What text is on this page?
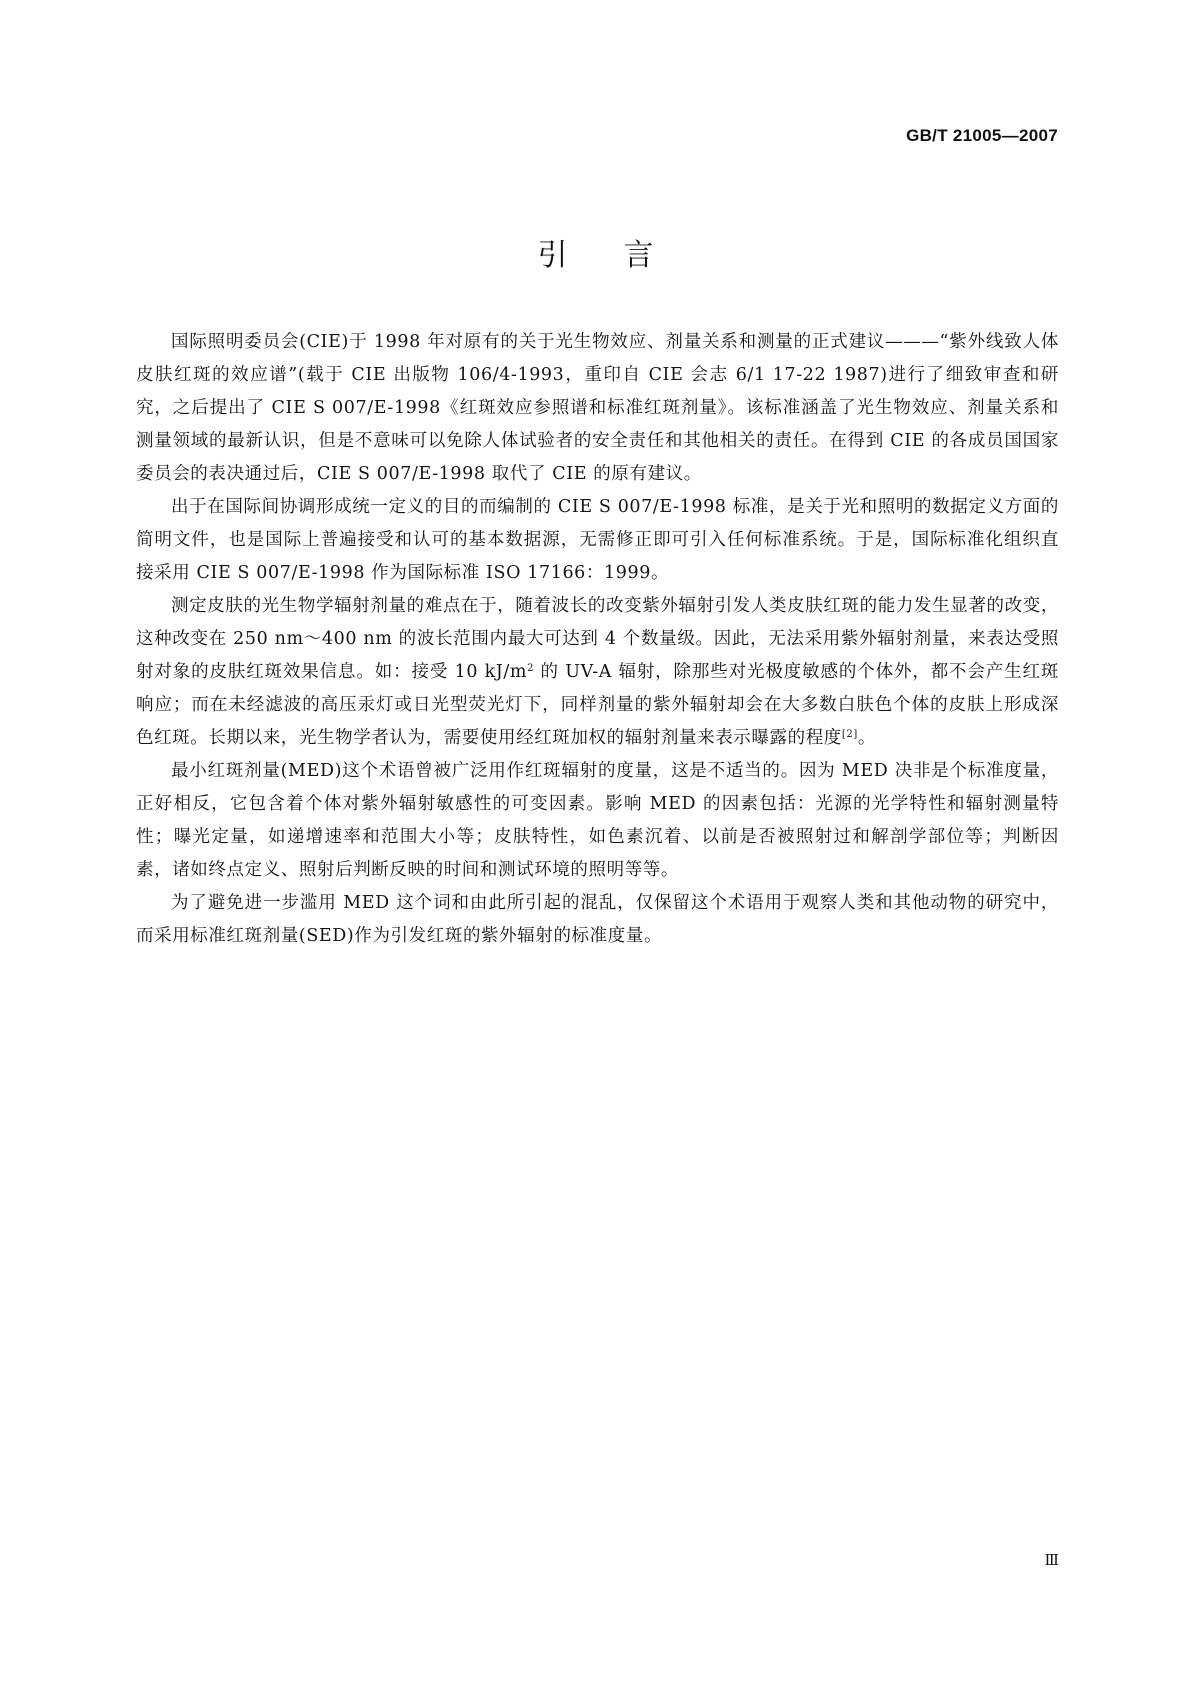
GB/T 21005—2007
引言

国际照明委员会(CIE)于 1998 年对原有的关于光生物效应、剂量关系和测量的正式建议———“紫外线致人体皮肤红斑的效应谱”(载于 CIE 出版物 106/4-1993，重印自 CIE 会志 6/1 17-22 1987)进行了细致审查和研究，之后提出了 CIE S 007/E-1998《红斑效应参照谱和标准红斑剂量》。该标准涵盖了光生物效应、剂量关系和测量领域的最新认识，但是不意味可以免除人体试验者的安全责任和其他相关的责任。在得到 CIE 的各成员国国家委员会的表决通过后，CIE S 007/E-1998 取代了 CIE 的原有建议。

出于在国际间协调形成统一定义的目的而编制的 CIE S 007/E-1998 标准，是关于光和照明的数据定义方面的简明文件，也是国际上普遍接受和认可的基本数据源，无需修正即可引入任何标准系统。于是，国际标准化组织直接采用 CIE S 007/E-1998 作为国际标准 ISO 17166：1999。

测定皮肤的光生物学辐射剂量的难点在于，随着波长的改变紫外辐射引发人类皮肤红斑的能力发生显著的改变，这种改变在 250 nm～400 nm 的波长范围内最大可达到 4 个数量级。因此，无法采用紫外辐射剂量，来表达受照射对象的皮肤红斑效果信息。如：接受 10 $kJ/m^2$ 的 UV-A 辐射，除那些对光极度敏感的个体外，都不会产生红斑响应；而在未经滤波的高压汞灯或日光型荧光灯下，同样剂量的紫外辐射却会在大多数白肤色个体的皮肤上形成深色红斑。长期以来，光生物学者认为，需要使用经红斑加权的辐射剂量来表示曝露的程度[2]。

最小红斑剂量(MED)这个术语曾被广泛用作红斑辐射的度量，这是不适当的。因为 MED 决非是个标准度量，正好相反，它包含着个体对紫外辐射敏感性的可变因素。影响 MED 的因素包括：光源的光学特性和辐射测量特性；曝光定量，如递增速率和范围大小等；皮肤特性，如色素沉着、以前是否被照射过和解剖学部位等；判断因素，诸如终点定义、照射后判断反映的时间和测试环境的照明等等。

为了避免进一步滥用 MED 这个词和由此所引起的混乱，仅保留这个术语用于观察人类和其他动物的研究中，而采用标准红斑剂量(SED)作为引发红斑的紫外辐射的标准度量。

Ⅲ
